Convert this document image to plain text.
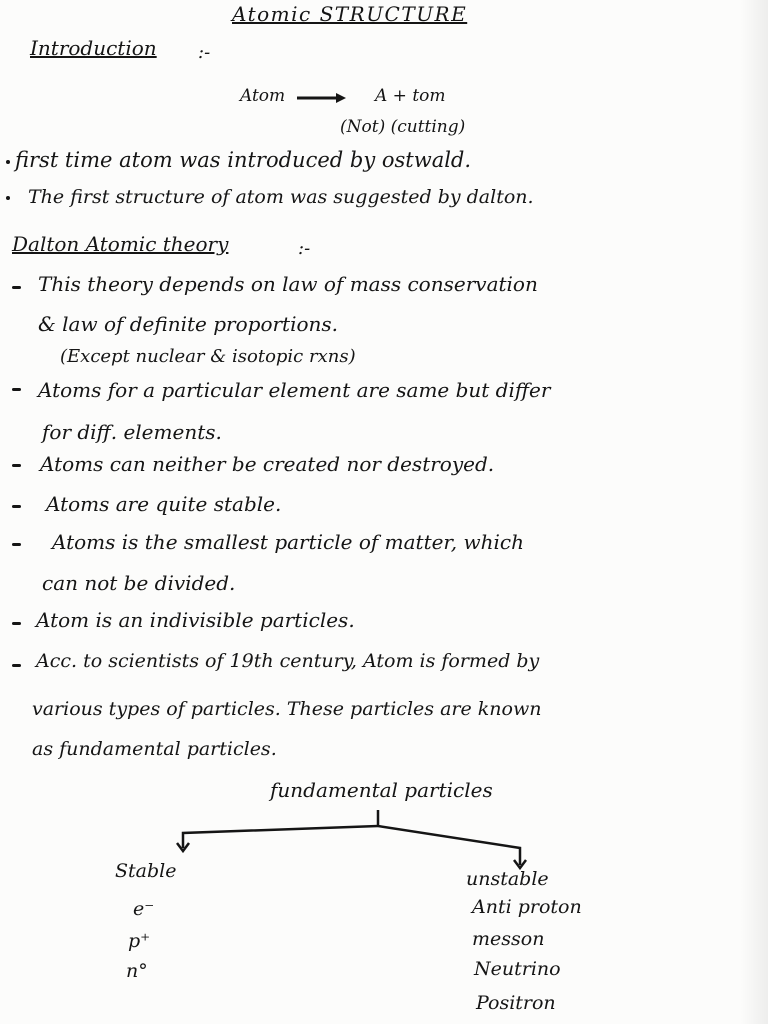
Atomic STRUCTURE
Introduction :-
Atom	A + tom
(Not) (cutting)
first time atom was introduced by ostwald.
The first structure of atom was suggested by dalton.
Dalton Atomic theory	:-
This theory depends on law of mass conservation
& law of definite proportions.
(Except nuclear & isotopic rxns)
Atoms for a particular element are same but differ
for diff. elements.
Atoms can neither be created nor destroyed.
Atoms are quite stable.
Atoms is the smallest particle of matter, which
can not be divided.
Atom is an indivisible particles.
Acc. to scientists of 19th century, Atom is formed by
various types of particles. These particles are known
as fundamental particles.
fundamental particles
Stable
e⁻
p⁺
n°
unstable
Anti proton
messon
Neutrino
Positron
